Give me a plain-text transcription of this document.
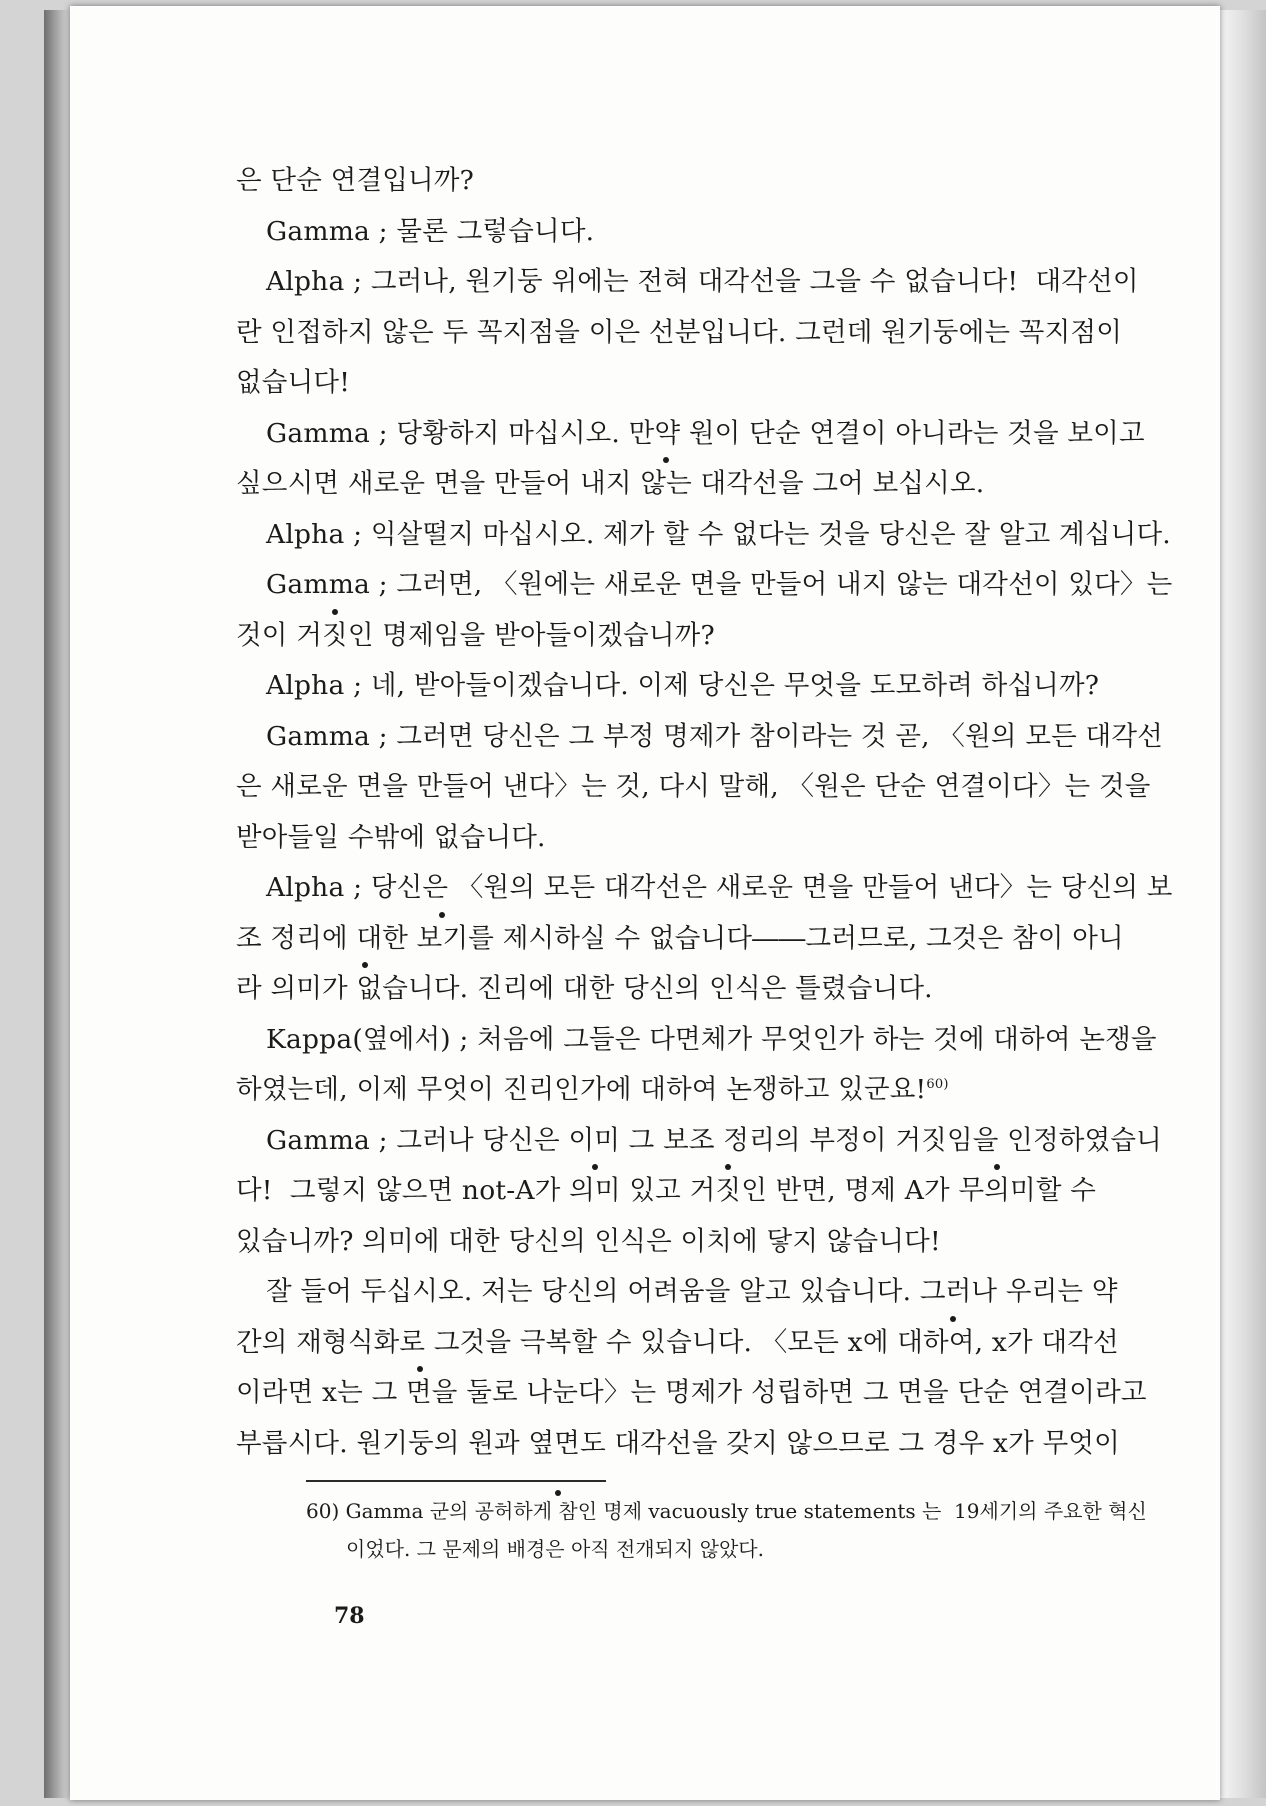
은 단순 연결입니까?
Gamma ; 물론 그렇습니다.
Alpha ; 그러나, 원기둥 위에는 전혀 대각선을 그을 수 없습니다!  대각선이
란 인접하지 않은 두 꼭지점을 이은 선분입니다. 그런데 원기둥에는 꼭지점이
없습니다!
Gamma ; 당황하지 마십시오. 만약 원이 단순 연결이 아니라는 것을 보이고
싶으시면 새로운 면을 만들어 내지 않는 대각선을 그어 보십시오.
Alpha ; 익살떨지 마십시오. 제가 할 수 없다는 것을 당신은 잘 알고 계십니다.
Gamma ; 그러면, 〈원에는 새로운 면을 만들어 내지 않는 대각선이 있다〉는
것이 거짓인 명제임을 받아들이겠습니까?
Alpha ; 네, 받아들이겠습니다. 이제 당신은 무엇을 도모하려 하십니까?
Gamma ; 그러면 당신은 그 부정 명제가 참이라는 것 곧, 〈원의 모든 대각선
은 새로운 면을 만들어 낸다〉는 것, 다시 말해, 〈원은 단순 연결이다〉는 것을
받아들일 수밖에 없습니다.
Alpha ; 당신은 〈원의 모든 대각선은 새로운 면을 만들어 낸다〉는 당신의 보
조 정리에 대한 보기를 제시하실 수 없습니다――그러므로, 그것은 참이 아니
라 의미가 없습니다. 진리에 대한 당신의 인식은 틀렸습니다.
Kappa(옆에서) ; 처음에 그들은 다면체가 무엇인가 하는 것에 대하여 논쟁을
하였는데, 이제 무엇이 진리인가에 대하여 논쟁하고 있군요!$^{60)}$
Gamma ; 그러나 당신은 이미 그 보조 정리의 부정이 거짓임을 인정하였습니
다!  그렇지 않으면 not-A가 의미 있고 거짓인 반면, 명제 A가 무의미할 수
있습니까? 의미에 대한 당신의 인식은 이치에 닿지 않습니다!
잘 들어 두십시오. 저는 당신의 어려움을 알고 있습니다. 그러나 우리는 약
간의 재형식화로 그것을 극복할 수 있습니다. 〈모든 x에 대하여, x가 대각선
이라면 x는 그 면을 둘로 나눈다〉는 명제가 성립하면 그 면을 단순 연결이라고
부릅시다. 원기둥의 원과 옆면도 대각선을 갖지 않으므로 그 경우 x가 무엇이
60) Gamma 군의 공허하게 참인 명제 vacuously true statements 는  19세기의 주요한 혁신
이었다. 그 문제의 배경은 아직 전개되지 않았다.
78
